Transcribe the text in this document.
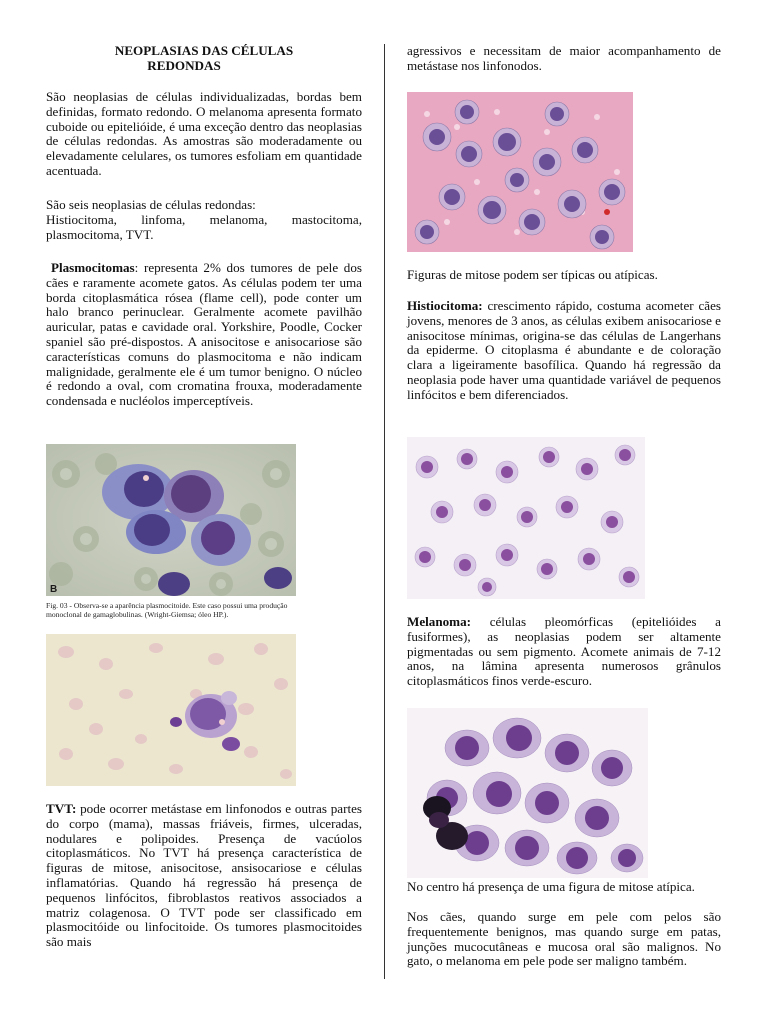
NEOPLASIAS DAS CÉLULAS
REDONDAS

São neoplasias de células individualizadas, bordas bem definidas, formato redondo. O melanoma apresenta formato cuboide ou epitelióide, é uma exceção dentro das neoplasias de células redondas. As amostras são moderadamente ou elevadamente celulares, os tumores esfoliam em quantidade acentuada.

São seis neoplasias de células redondas:

Histiocitoma, linfoma, melanoma, mastocitoma, plasmocitoma, TVT.

Plasmocitomas: representa 2% dos tumores de pele dos cães e raramente acomete gatos. As células podem ter uma borda citoplasmática rósea (flame cell), pode conter um halo branco perinuclear. Geralmente acomete pavilhão auricular, patas e cavidade oral. Yorkshire, Poodle, Cocker spaniel são pré-dispostos. A anisocitose e anisocariose são características comuns do plasmocitoma e não indicam malignidade, geralmente ele é um tumor benigno. O núcleo é redondo a oval, com cromatina frouxa, moderadamente condensada e nucléolos imperceptíveis.

B

Fig. 03 - Observa-se a aparência plasmocitoide. Este caso possui uma produção monoclonal de gamaglobulinas. (Wright-Giemsa; óleo HP.).

TVT: pode ocorrer metástase em linfonodos e outras partes do corpo (mama), massas friáveis, firmes, ulceradas, nodulares e polipoides. Presença de vacúolos citoplasmáticos. No TVT há presença característica de figuras de mitose, anisocitose, ansisocariose e células inflamatórias. Quando há regressão há presença de pequenos linfócitos, fibroblastos reativos associados a matriz colagenosa. O TVT pode ser classificado em plasmocitóide ou linfocitoide. Os tumores plasmocitoides são mais

agressivos e necessitam de maior acompanhamento de metástase nos linfonodos.

Figuras de mitose podem ser típicas ou atípicas.

Histiocitoma: crescimento rápido, costuma acometer cães jovens, menores de 3 anos, as células exibem anisocariose e anisocitose mínimas, origina-se das células de Langerhans da epiderme. O citoplasma é abundante e de coloração clara a ligeiramente basofílica. Quando há regressão da neoplasia pode haver uma quantidade variável de pequenos linfócitos e bem diferenciados.

Melanoma: células pleomórficas (epitelióides a fusiformes), as neoplasias podem ser altamente pigmentadas ou sem pigmento. Acomete animais de 7-12 anos, na lâmina apresenta numerosos grânulos citoplasmáticos finos verde-escuro.

No centro há presença de uma figura de mitose atípica.

Nos cães, quando surge em pele com pelos são frequentemente benignos, mas quando surge em patas, junções mucocutâneas e mucosa oral são malignos. No gato, o melanoma em pele pode ser maligno também.
